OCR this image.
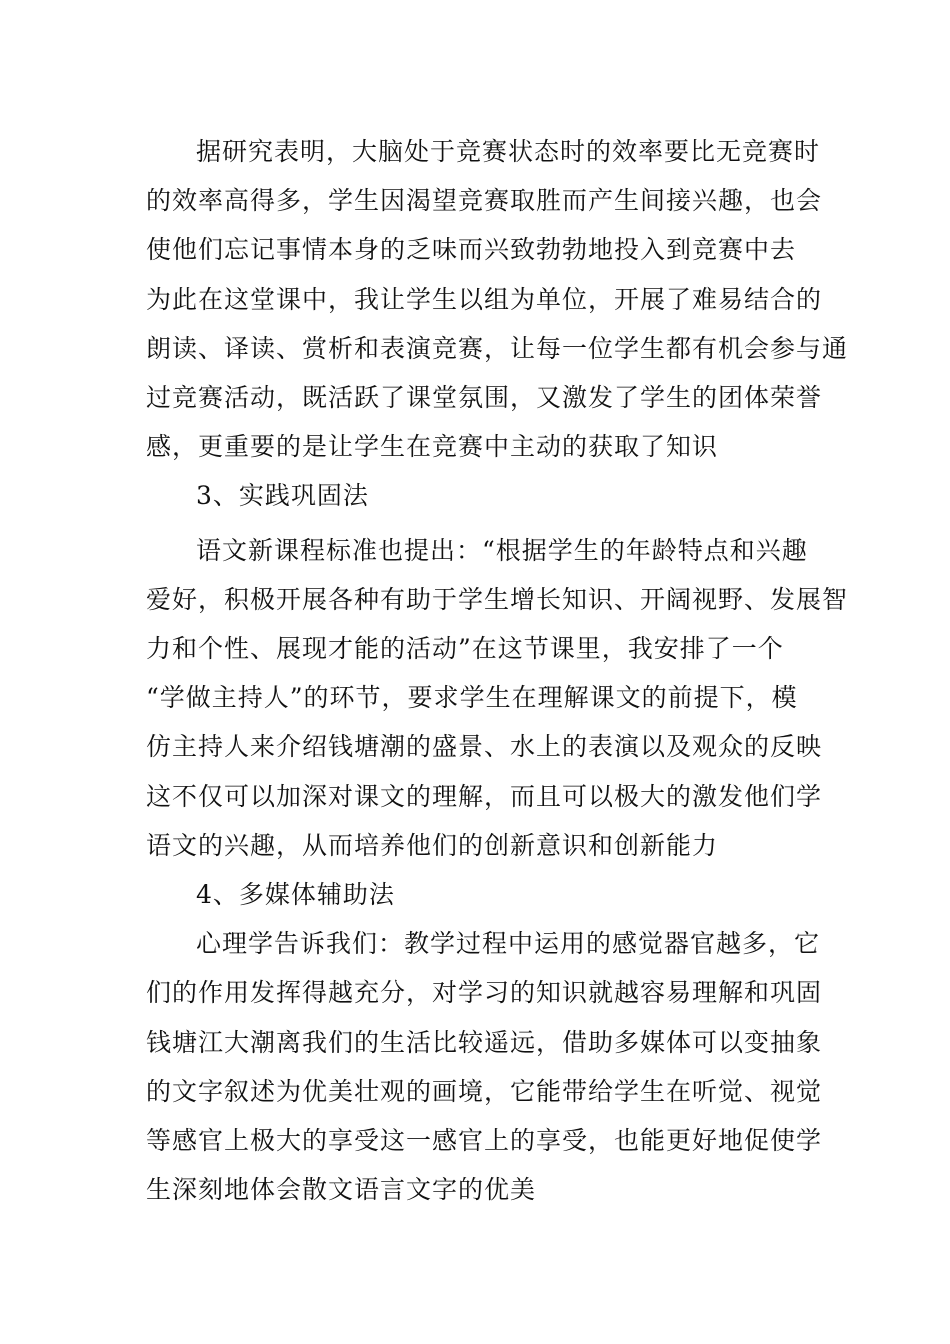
据研究表明，大脑处于竞赛状态时的效率要比无竞赛时
的效率高得多，学生因渴望竞赛取胜而产生间接兴趣，也会
使他们忘记事情本身的乏味而兴致勃勃地投入到竞赛中去
为此在这堂课中，我让学生以组为单位，开展了难易结合的
朗读、译读、赏析和表演竞赛，让每一位学生都有机会参与通
过竞赛活动，既活跃了课堂氛围，又激发了学生的团体荣誉
感，更重要的是让学生在竞赛中主动的获取了知识
3、实践巩固法
语文新课程标准也提出：“根据学生的年龄特点和兴趣
爱好，积极开展各种有助于学生增长知识、开阔视野、发展智
力和个性、展现才能的活动”在这节课里，我安排了一个
“学做主持人”的环节，要求学生在理解课文的前提下，模
仿主持人来介绍钱塘潮的盛景、水上的表演以及观众的反映
这不仅可以加深对课文的理解，而且可以极大的激发他们学
语文的兴趣，从而培养他们的创新意识和创新能力
4、多媒体辅助法
心理学告诉我们：教学过程中运用的感觉器官越多，它
们的作用发挥得越充分，对学习的知识就越容易理解和巩固
钱塘江大潮离我们的生活比较遥远，借助多媒体可以变抽象
的文字叙述为优美壮观的画境，它能带给学生在听觉、视觉
等感官上极大的享受这一感官上的享受，也能更好地促使学
生深刻地体会散文语言文字的优美
